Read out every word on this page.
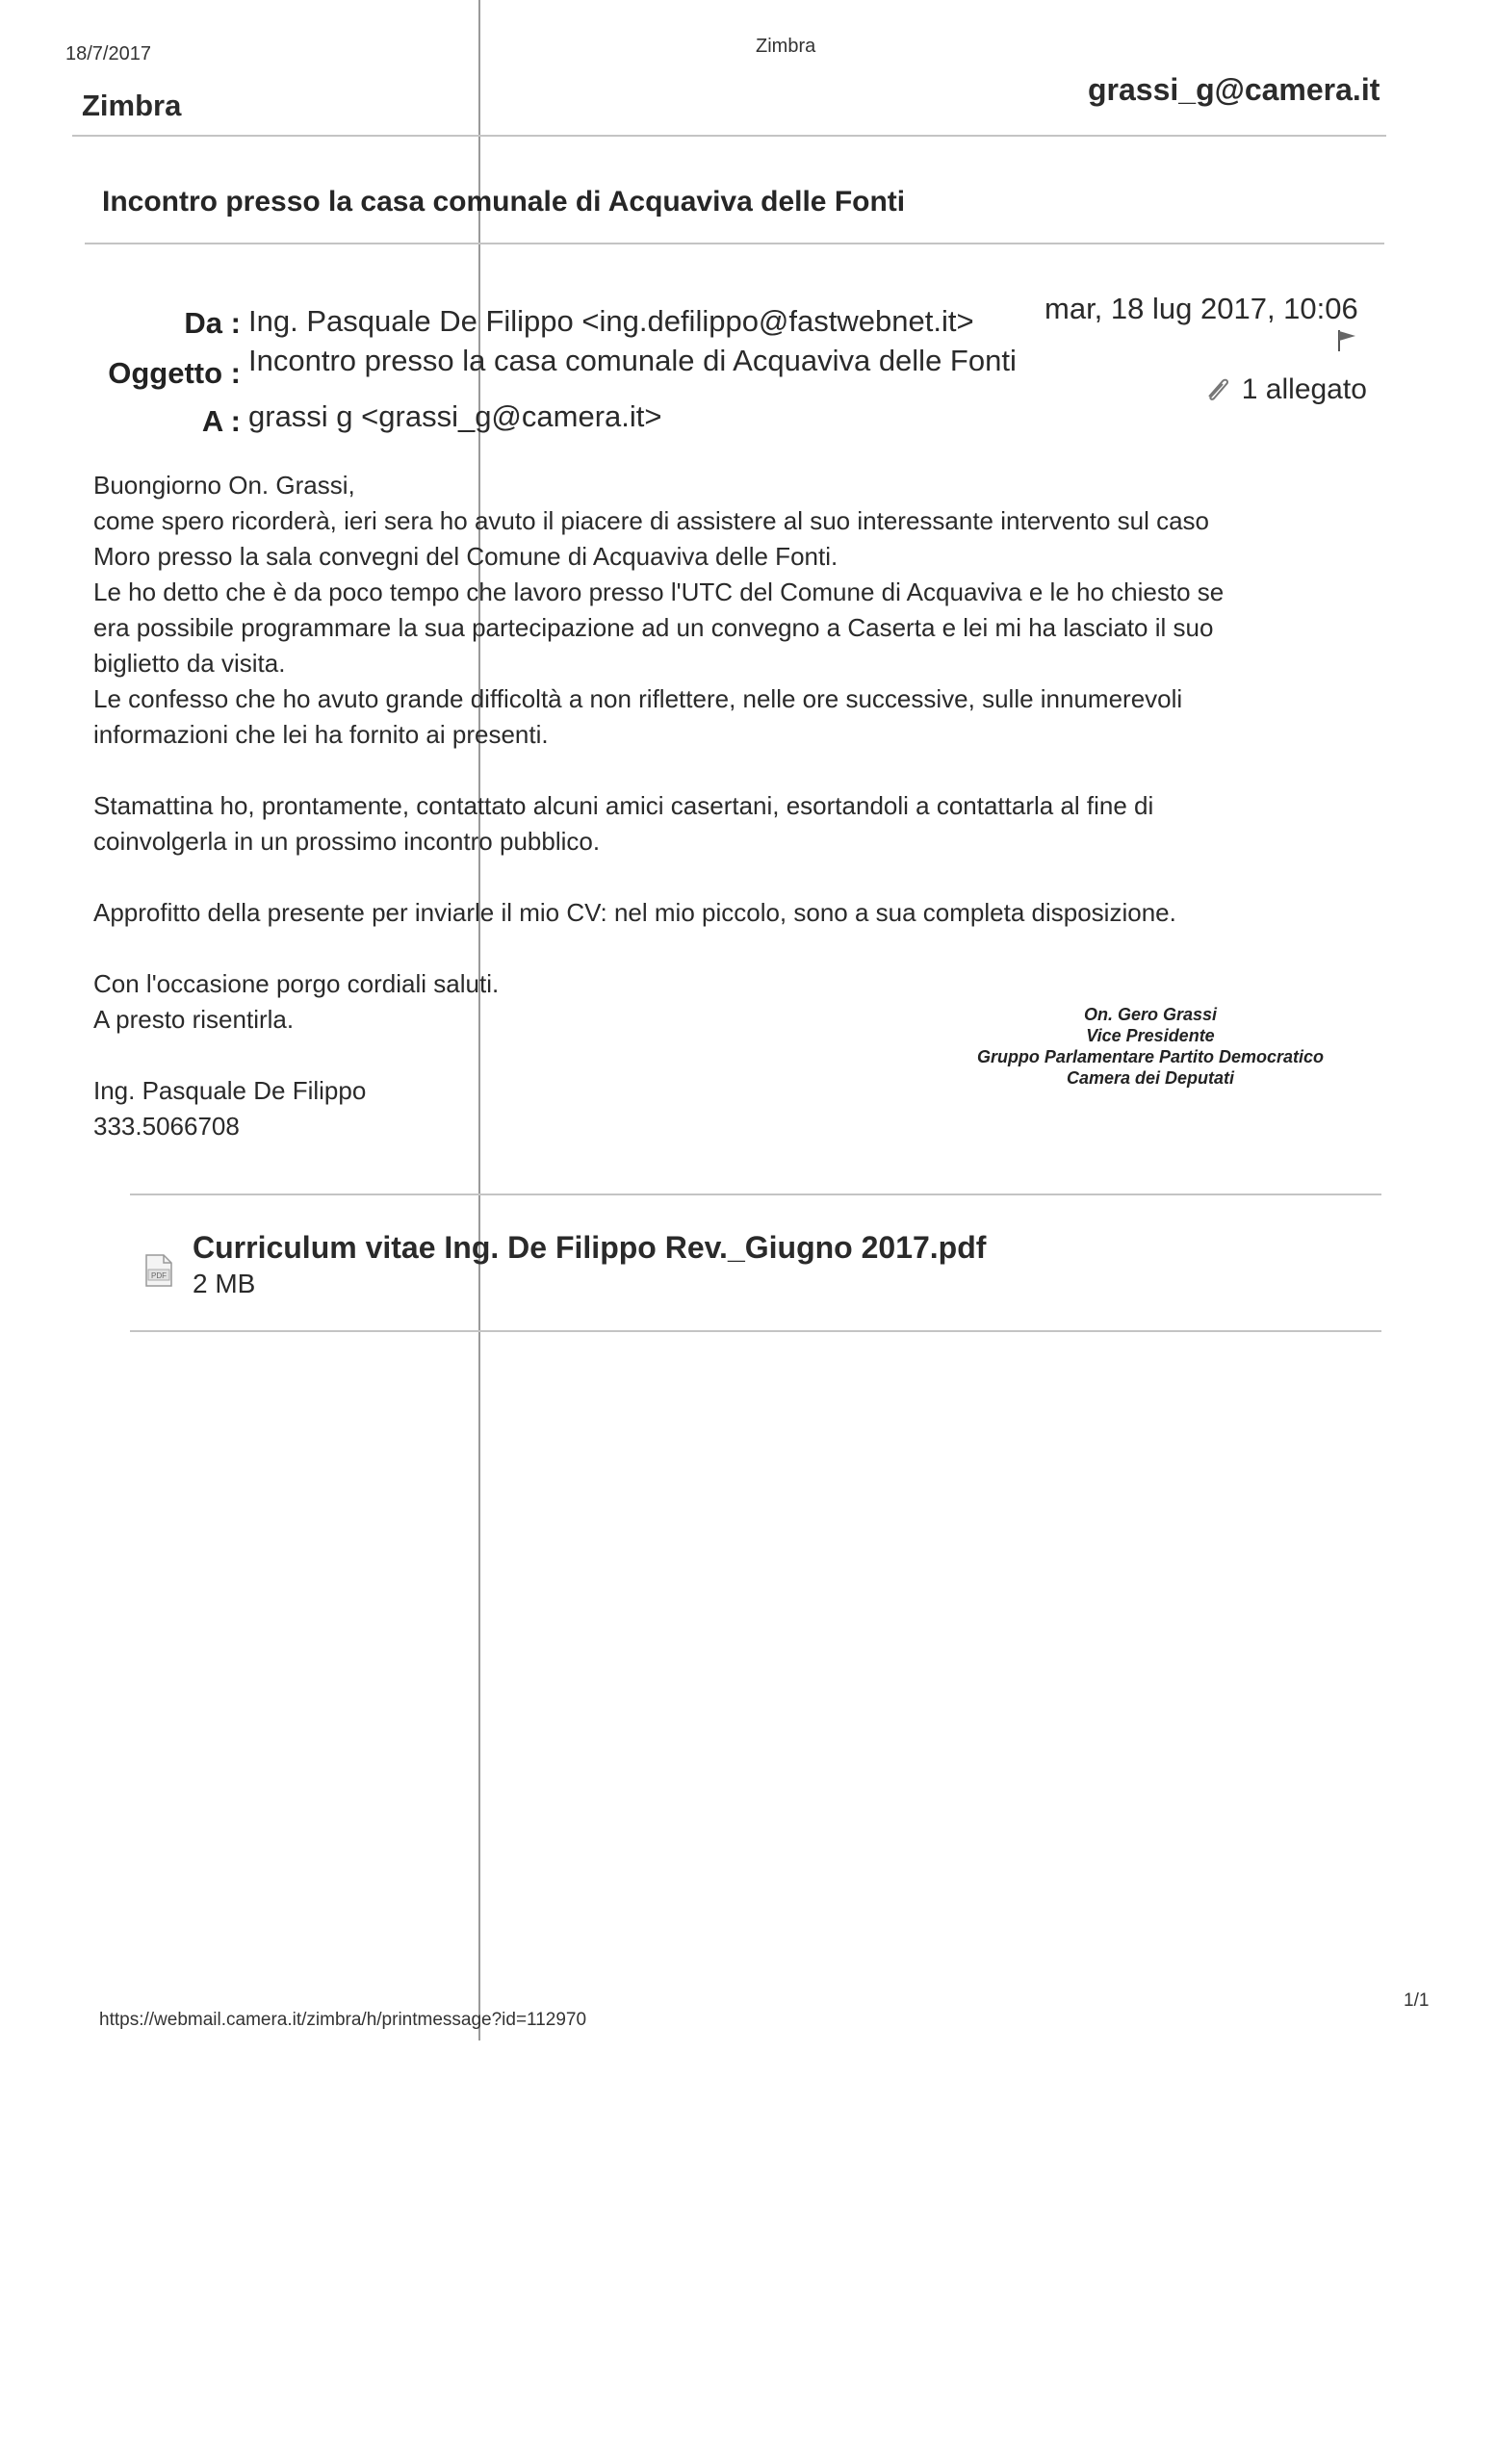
18/7/2017	Zimbra
Zimbra	grassi_g@camera.it
Incontro presso la casa comunale di Acquaviva delle Fonti
Da : Ing. Pasquale De Filippo <ing.defilippo@fastwebnet.it>
Oggetto : Incontro presso la casa comunale di Acquaviva delle Fonti
A : grassi g <grassi_g@camera.it>
mar, 18 lug 2017, 10:06
1 allegato

Buongiorno On. Grassi,

come spero ricorderà, ieri sera ho avuto il piacere di assistere al suo interessante intervento sul caso

Moro presso la sala convegni del Comune di Acquaviva delle Fonti.

Le ho detto che è da poco tempo che lavoro presso l'UTC del Comune di Acquaviva e le ho chiesto se

era possibile programmare la sua partecipazione ad un convegno a Caserta e lei mi ha lasciato il suo

biglietto da visita.

Le confesso che ho avuto grande difficoltà a non riflettere, nelle ore successive, sulle innumerevoli

informazioni che lei ha fornito ai presenti.

Stamattina ho, prontamente, contattato alcuni amici casertani, esortandoli a contattarla al fine di

coinvolgerla in un prossimo incontro pubblico.

Approfitto della presente per inviarle il mio CV: nel mio piccolo, sono a sua completa disposizione.

Con l'occasione porgo cordiali saluti.

A presto risentirla.

Ing. Pasquale De Filippo

333.5066708

On. Gero Grassi
Vice Presidente
Gruppo Parlamentare Partito Democratico
Camera dei Deputati
PDF
Curriculum vitae Ing. De Filippo Rev._Giugno 2017.pdf
2 MB
https://webmail.camera.it/zimbra/h/printmessage?id=112970
1/1
